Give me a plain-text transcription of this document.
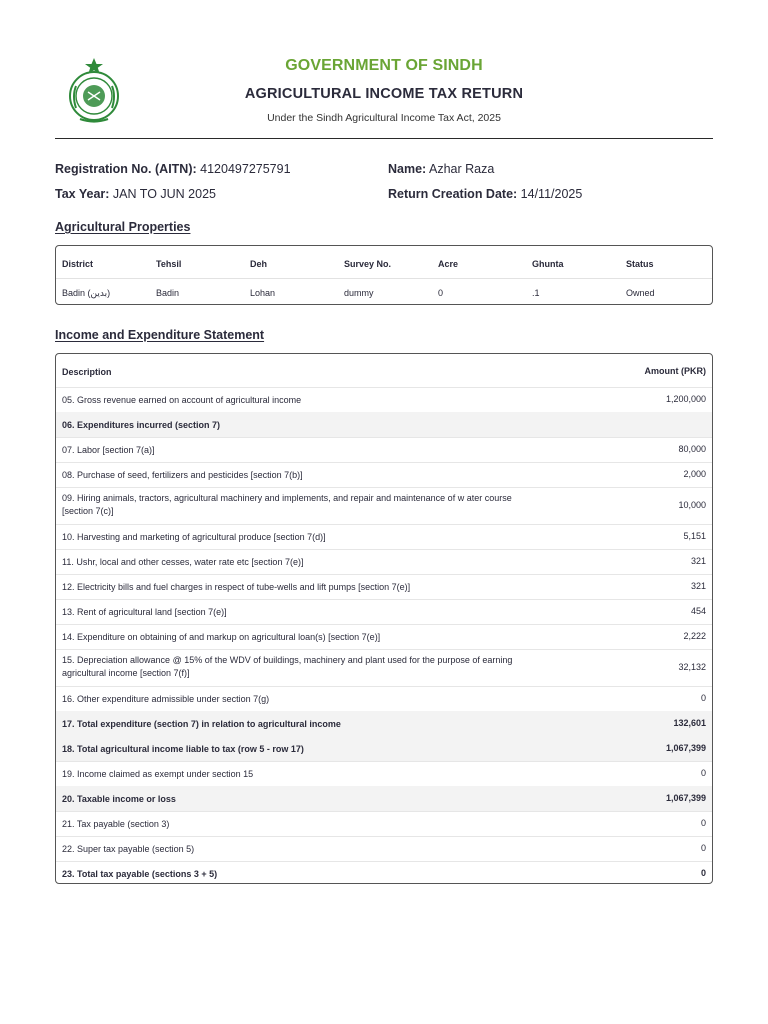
GOVERNMENT OF SINDH
AGRICULTURAL INCOME TAX RETURN
Under the Sindh Agricultural Income Tax Act, 2025
Registration No. (AITN): 4120497275791	Name: Azhar Raza
Tax Year: JAN TO JUN 2025	Return Creation Date: 14/11/2025
Agricultural Properties
District	Tehsil	Deh	Survey No.	Acre	Ghunta	Status
Badin (بدين)	Badin	Lohan	dummy	0	.1	Owned
Income and Expenditure Statement
Description	Amount (PKR)
05. Gross revenue earned on account of agricultural income	1,200,000
06. Expenditures incurred (section 7)
07. Labor [section 7(a)]	80,000
08. Purchase of seed, fertilizers and pesticides [section 7(b)]	2,000
09. Hiring animals, tractors, agricultural machinery and implements, and repair and maintenance of w ater course [section 7(c)]
10,000
10. Harvesting and marketing of agricultural produce [section 7(d)]	5,151
11. Ushr, local and other cesses, water rate etc [section 7(e)]	321
12. Electricity bills and fuel charges in respect of tube-wells and lift pumps [section 7(e)]	321
13. Rent of agricultural land [section 7(e)]	454
14. Expenditure on obtaining of and markup on agricultural loan(s) [section 7(e)]	2,222
15. Depreciation allowance @ 15% of the WDV of buildings, machinery and plant used for the purpose of earning agricultural income [section 7(f)]
32,132
16. Other expenditure admissible under section 7(g)	0
17. Total expenditure (section 7) in relation to agricultural income	132,601
18. Total agricultural income liable to tax (row 5 - row 17)	1,067,399
19. Income claimed as exempt under section 15	0
20. Taxable income or loss	1,067,399
21. Tax payable (section 3)	0
22. Super tax payable (section 5)	0
23. Total tax payable (sections 3 + 5)	0
